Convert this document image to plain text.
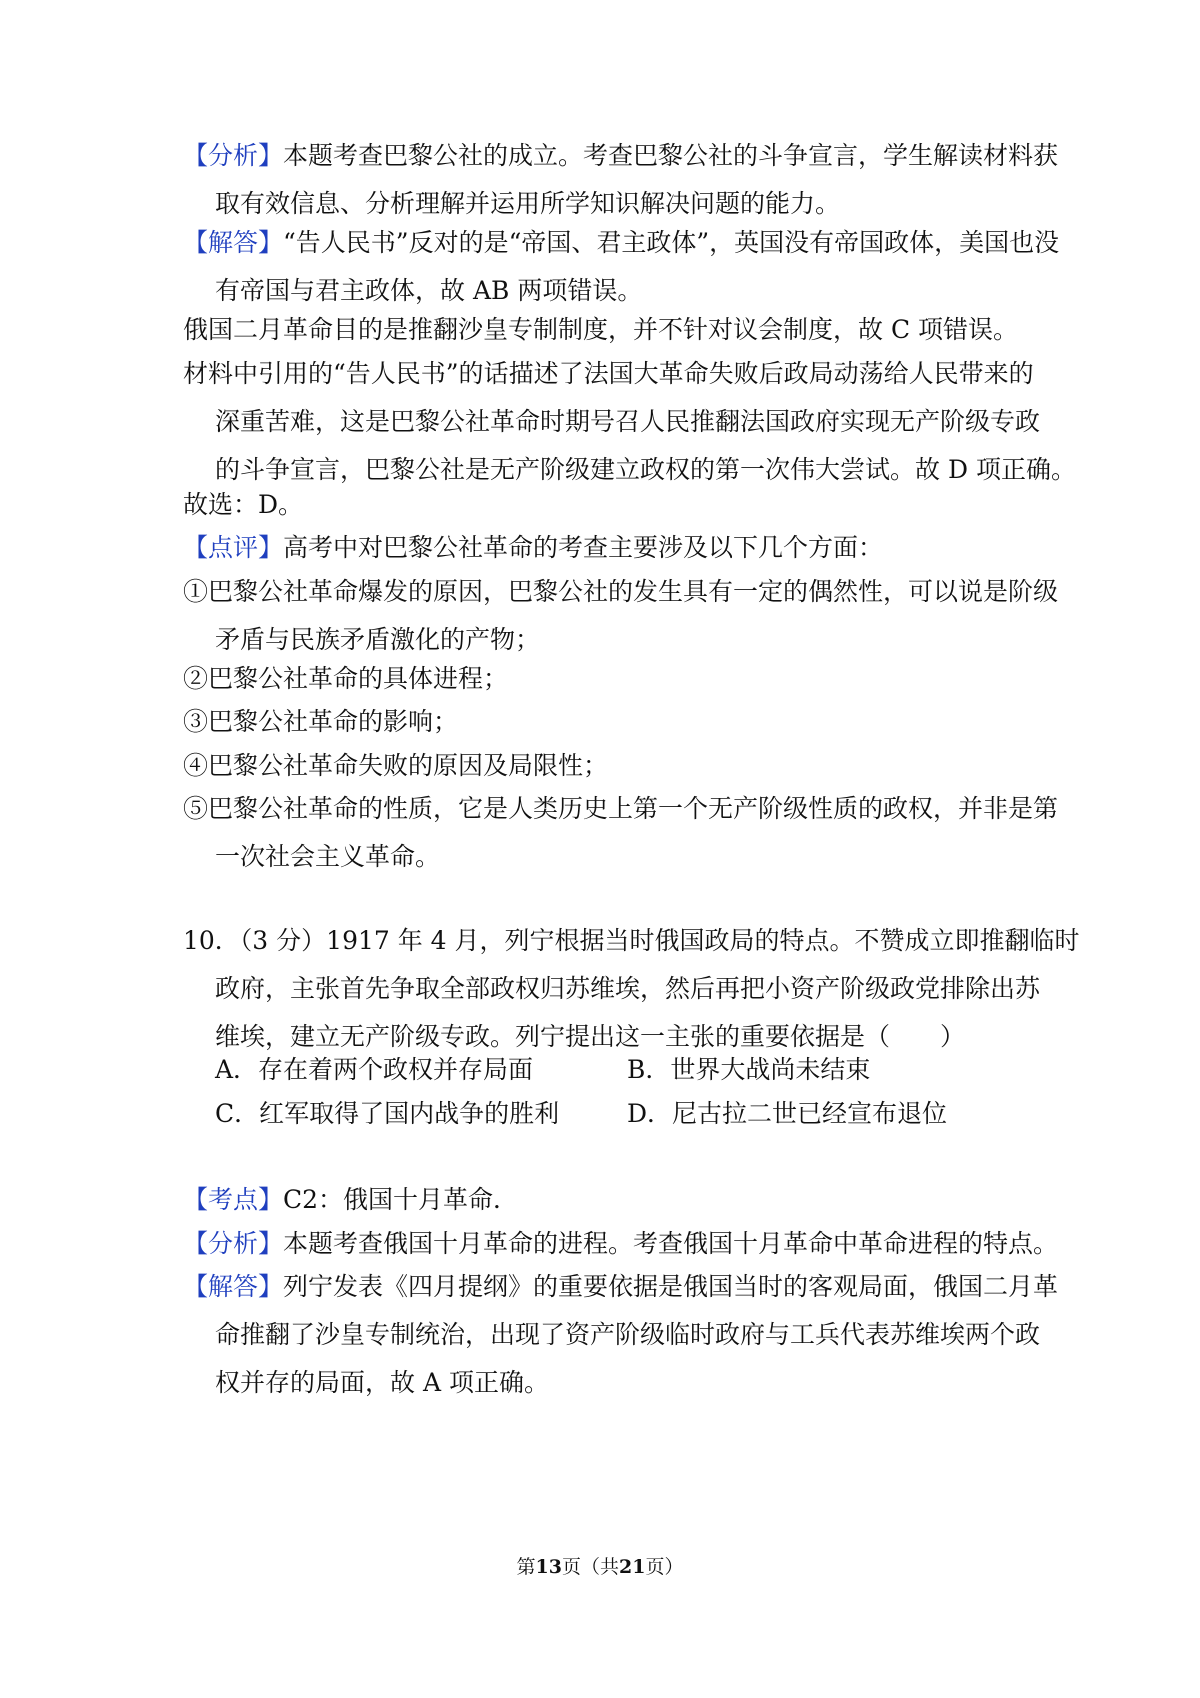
【分析】本题考查巴黎公社的成立。考查巴黎公社的斗争宣言，学生解读材料获
取有效信息、分析理解并运用所学知识解决问题的能力。
【解答】“告人民书”反对的是“帝国、君主政体”，英国没有帝国政体，美国也没
有帝国与君主政体，故 AB 两项错误。
俄国二月革命目的是推翻沙皇专制制度，并不针对议会制度，故 C 项错误。
材料中引用的“告人民书”的话描述了法国大革命失败后政局动荡给人民带来的
深重苦难，这是巴黎公社革命时期号召人民推翻法国政府实现无产阶级专政
的斗争宣言，巴黎公社是无产阶级建立政权的第一次伟大尝试。故 D 项正确。
故选：D。
【点评】高考中对巴黎公社革命的考查主要涉及以下几个方面：
①巴黎公社革命爆发的原因，巴黎公社的发生具有一定的偶然性，可以说是阶级
矛盾与民族矛盾激化的产物；
②巴黎公社革命的具体进程；
③巴黎公社革命的影响；
④巴黎公社革命失败的原因及局限性；
⑤巴黎公社革命的性质，它是人类历史上第一个无产阶级性质的政权，并非是第
一次社会主义革命。
10．（3 分）1917 年 4 月，列宁根据当时俄国政局的特点。不赞成立即推翻临时
政府，主张首先争取全部政权归苏维埃，然后再把小资产阶级政党排除出苏
维埃，建立无产阶级专政。列宁提出这一主张的重要依据是（　　）
A．存在着两个政权并存局面	B．世界大战尚未结束
C．红军取得了国内战争的胜利	D．尼古拉二世已经宣布退位
【考点】C2：俄国十月革命．
【分析】本题考查俄国十月革命的进程。考查俄国十月革命中革命进程的特点。
【解答】列宁发表《四月提纲》的重要依据是俄国当时的客观局面，俄国二月革
命推翻了沙皇专制统治，出现了资产阶级临时政府与工兵代表苏维埃两个政
权并存的局面，故 A 项正确。
第13页（共21页）
